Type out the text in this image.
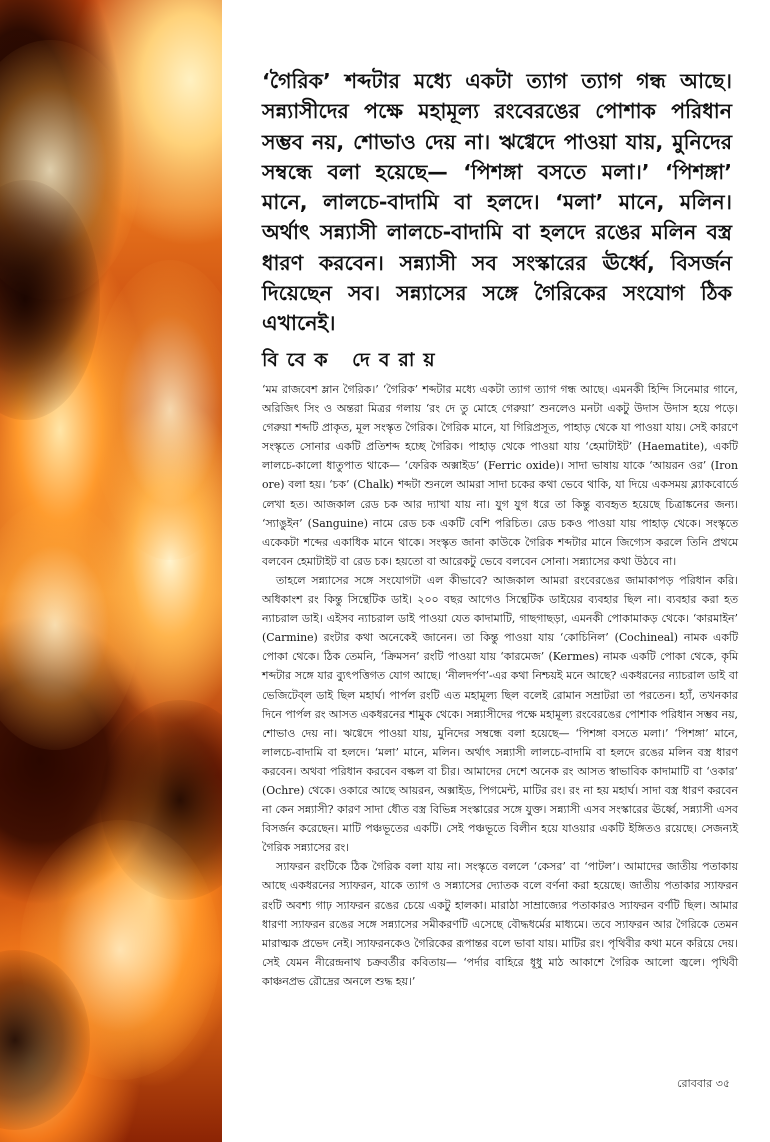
‘গৈরিক’ শব্দটার মধ্যে একটা ত্যাগ ত্যাগ গন্ধ আছে। সন্ন্যাসীদের পক্ষে মহামূল্য রংবেরঙের পোশাক পরিধান সম্ভব নয়, শোভাও দেয় না। ঋগ্বেদে পাওয়া যায়, মুনিদের সম্বন্ধে বলা হয়েছে— ‘পিশঙ্গা বসতে মলা।’ ‘পিশঙ্গা’ মানে, লালচে-বাদামি বা হলদে। ‘মলা’ মানে, মলিন। অর্থাৎ সন্ন্যাসী লালচে-বাদামি বা হলদে রঙের মলিন বস্ত্র ধারণ করবেন। সন্ন্যাসী সব সংস্কারের ঊর্ধ্বে, বিসর্জন দিয়েছেন সব। সন্ন্যাসের সঙ্গে গৈরিকের সংযোগ ঠিক এখানেই।

বিবেক দেবরায়

‘মম রাজবেশ ম্লান গৈরিক।’ ‘গৈরিক’ শব্দটার মধ্যে একটা ত্যাগ ত্যাগ গন্ধ আছে। এমনকী হিন্দি সিনেমার গানে, অরিজিৎ সিং ও অন্তরা মিত্রর গলায় ‘রং দে তু মোহে গেরুয়া’ শুনলেও মনটা একটু উদাস উদাস হয়ে পড়ে। গেরুয়া শব্দটি প্রাকৃত, মূল সংস্কৃত গৈরিক। গৈরিক মানে, যা গিরিপ্রসূত, পাহাড় থেকে যা পাওয়া যায়। সেই কারণে সংস্কৃতে সোনার একটি প্রতিশব্দ হচ্ছে গৈরিক। পাহাড় থেকে পাওয়া যায় ‘হেমাটাইট’ (Haematite), একটি লালচে-কালো ধাতুপাত থাকে— ‘ফেরিক অক্সাইড’ (Ferric oxide)। সাদা ভাষায় যাকে ‘আয়রন ওর’ (Iron ore) বলা হয়। ‘চক’ (Chalk) শব্দটা শুনলে আমরা সাদা চকের কথা ভেবে থাকি, যা দিয়ে একসময় ব্ল্যাকবোর্ডে লেখা হত। আজকাল রেড চক আর দ্যাখা যায় না। যুগ যুগ ধরে তা কিন্তু ব্যবহৃত হয়েছে চিত্রাঙ্কনের জন্য। ‘স্যাঙুইন’ (Sanguine) নামে রেড চক একটি বেশি পরিচিত। রেড চকও পাওয়া যায় পাহাড় থেকে। সংস্কৃতে একেকটা শব্দের একাধিক মানে থাকে। সংস্কৃত জানা কাউকে গৈরিক শব্দটার মানে জিগ্যেস করলে তিনি প্রথমে বলবেন হেমাটাইট বা রেড চক। হয়তো বা আরেকটু ভেবে বলবেন সোনা। সন্ন্যাসের কথা উঠবে না।

তাহলে সন্ন্যাসের সঙ্গে সংযোগটা এল কীভাবে? আজকাল আমরা রংবেরঙের জামাকাপড় পরিধান করি। অধিকাংশ রং কিন্তু সিন্থেটিক ডাই। ২০০ বছর আগেও সিন্থেটিক ডাইয়ের ব্যবহার ছিল না। ব্যবহার করা হত ন্যাচরাল ডাই। এইসব ন্যাচরাল ডাই পাওয়া যেত কাদামাটি, গাছগাছড়া, এমনকী পোকামাকড় থেকে। ‘কারমাইন’ (Carmine) রংটার কথা অনেকেই জানেন। তা কিন্তু পাওয়া যায় ‘কোচিনিল’ (Cochineal) নামক একটি পোকা থেকে। ঠিক তেমনি, ‘ক্রিমসন’ রংটি পাওয়া যায় ‘কারমেজ’ (Kermes) নামক একটি পোকা থেকে, কৃমি শব্দটার সঙ্গে যার ব্যুৎপত্তিগত যোগ আছে। ‘নীলদর্পণ’-এর কথা নিশ্চয়ই মনে আছে? একধরনের ন্যাচরাল ডাই বা ভেজিটেব্‌ল ডাই ছিল মহার্ঘ। পার্পল রংটি এত মহামূল্য ছিল বলেই রোমান সম্রাটরা তা পরতেন। হ্যাঁ, তখনকার দিনে পার্পল রং আসত একধরনের শামুক থেকে। সন্ন্যাসীদের পক্ষে মহামূল্য রংবেরঙের পোশাক পরিধান সম্ভব নয়, শোভাও দেয় না। ঋগ্বেদে পাওয়া যায়, মুনিদের সম্বন্ধে বলা হয়েছে— ‘পিশঙ্গা বসতে মলা।’ ‘পিশঙ্গা’ মানে, লালচে-বাদামি বা হলদে। ‘মলা’ মানে, মলিন। অর্থাৎ সন্ন্যাসী লালচে-বাদামি বা হলদে রঙের মলিন বস্ত্র ধারণ করবেন। অথবা পরিধান করবেন বল্কল বা চীর। আমাদের দেশে অনেক রং আসত স্বাভাবিক কাদামাটি বা ‘ওকার’ (Ochre) থেকে। ওকারে আছে আয়রন, অক্সাইড, পিগমেন্ট, মাটির রং। রং না হয় মহার্ঘ। সাদা বস্ত্র ধারণ করবেন না কেন সন্ন্যাসী? কারণ সাদা ধৌত বস্ত্র বিভিন্ন সংস্কারের সঙ্গে যুক্ত। সন্ন্যাসী এসব সংস্কারের ঊর্ধ্বে, সন্ন্যাসী এসব বিসর্জন করেছেন। মাটি পঞ্চভূতের একটি। সেই পঞ্চভূতে বিলীন হয়ে যাওয়ার একটি ইঙ্গিতও রয়েছে। সেজন্যই গৈরিক সন্ন্যাসের রং।

স্যাফরন রংটিকে ঠিক গৈরিক বলা যায় না। সংস্কৃতে বললে ‘কেসর’ বা ‘পাটল’। আমাদের জাতীয় পতাকায় আছে একধরনের স্যাফরন, যাকে ত্যাগ ও সন্ন্যাসের দ্যোতক বলে বর্ণনা করা হয়েছে। জাতীয় পতাকার স্যাফরন রংটি অবশ্য গাঢ় স্যাফরন রঙের চেয়ে একটু হালকা। মারাঠা সাম্রাজ্যের পতাকারও স্যাফরন বর্ণটি ছিল। আমার ধারণা স্যাফরন রঙের সঙ্গে সন্ন্যাসের সমীকরণটি এসেছে বৌদ্ধধর্মের মাধ্যমে। তবে স্যাফরন আর গৈরিকে তেমন মারাত্মক প্রভেদ নেই। স্যাফরনকেও গৈরিকের রূপান্তর বলে ভাবা যায়। মাটির রং। পৃথিবীর কথা মনে করিয়ে দেয়। সেই যেমন নীরেন্দ্রনাথ চক্রবর্তীর কবিতায়— ‘পর্দার বাহিরে ধূধু মাঠ আকাশে গৈরিক আলো জ্বলে। পৃথিবী কাঞ্চনপ্রভ রৌদ্রের অনলে শুদ্ধ হয়।’

রোববার ৩৫
